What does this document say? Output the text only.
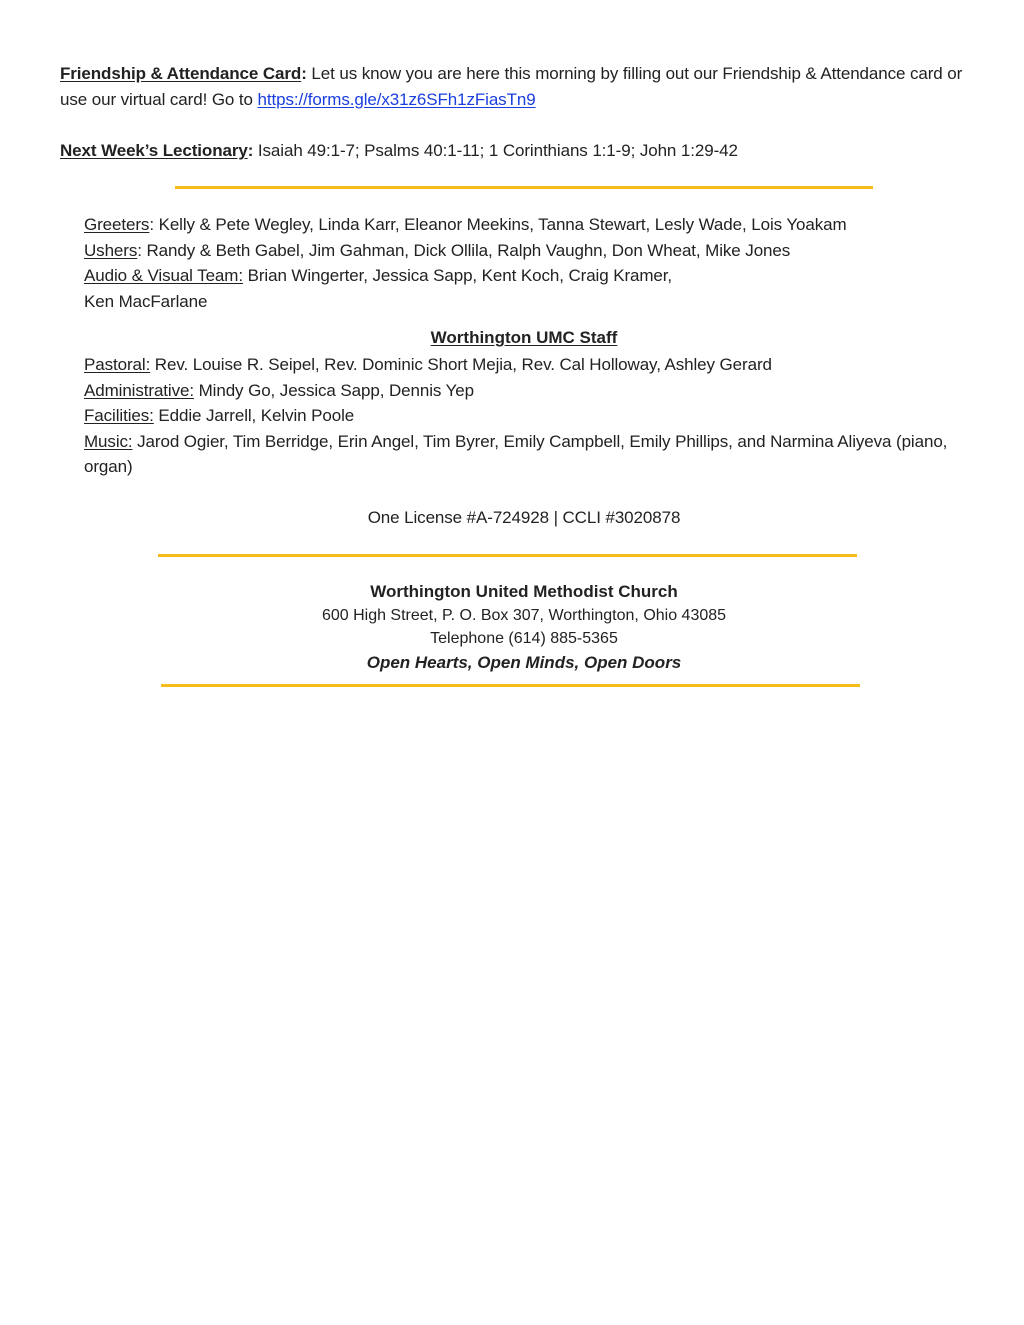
Friendship & Attendance Card: Let us know you are here this morning by filling out our Friendship & Attendance card or use our virtual card! Go to https://forms.gle/x31z6SFh1zFiasTn9
Next Week’s Lectionary: Isaiah 49:1-7; Psalms 40:1-11; 1 Corinthians 1:1-9; John 1:29-42
Greeters: Kelly & Pete Wegley, Linda Karr, Eleanor Meekins, Tanna Stewart, Lesly Wade, Lois Yoakam
Ushers: Randy & Beth Gabel, Jim Gahman, Dick Ollila, Ralph Vaughn, Don Wheat, Mike Jones
Audio & Visual Team: Brian Wingerter, Jessica Sapp, Kent Koch, Craig Kramer,
Ken MacFarlane
Worthington UMC Staff
Pastoral: Rev. Louise R. Seipel, Rev. Dominic Short Mejia, Rev. Cal Holloway, Ashley Gerard
Administrative: Mindy Go, Jessica Sapp, Dennis Yep
Facilities: Eddie Jarrell, Kelvin Poole
Music: Jarod Ogier, Tim Berridge, Erin Angel, Tim Byrer, Emily Campbell, Emily Phillips, and Narmina Aliyeva (piano, organ)
One License #A-724928 | CCLI #3020878
Worthington United Methodist Church
600 High Street, P. O. Box 307, Worthington, Ohio 43085
Telephone (614) 885-5365
Open Hearts, Open Minds, Open Doors
